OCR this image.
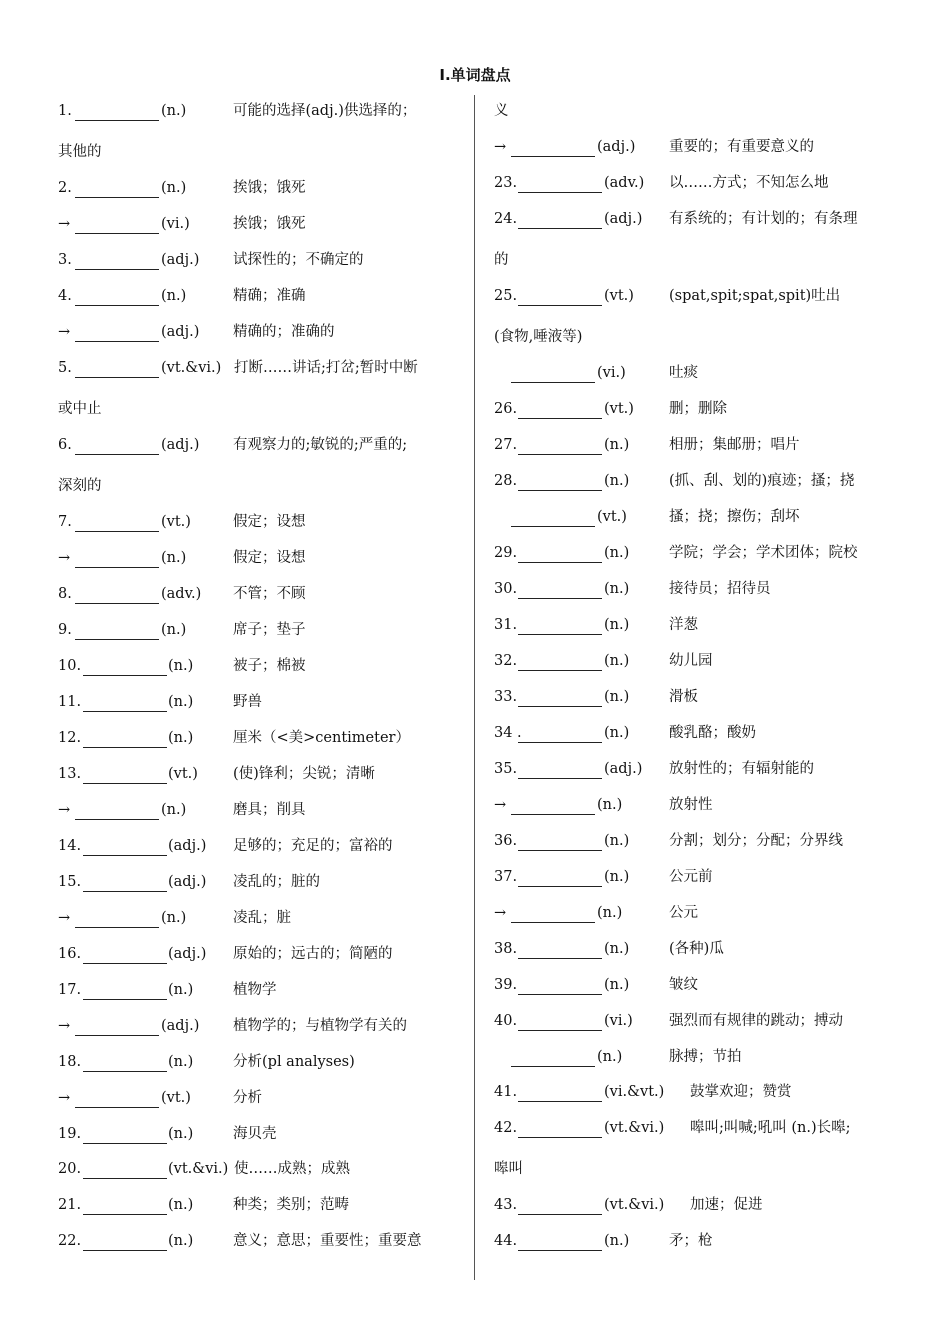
I.单词盘点
1.	(n.)	可能的选择(adj.)供选择的；
其他的
2.	(n.)	挨饿；饿死
→	(vi.)	挨饿；饿死
3.	(adj.) 试探性的；不确定的
4.	(n.)	精确；准确
→	(adj.) 精确的；准确的
5.	(vt.&vi.) 打断……讲话;打岔;暂时中断
或中止
6.	(adj.) 有观察力的;敏锐的;严重的;
深刻的
7.	(vt.)	假定；设想
→	(n.)	假定；设想
8.	(adv.) 不管；不顾
9.	(n.)	席子；垫子
10.	(n.)	被子；棉被
11.	(n.)	野兽
12.	(n.)	厘米（<美>centimeter）
13.	(vt.) (使)锋利；尖锐；清晰
→	(n.)	磨具；削具
14.	(adj.) 足够的；充足的；富裕的
15.	(adj.) 凌乱的；脏的
→	(n.)	凌乱；脏
16.	(adj.) 原始的；远古的；简陋的
17.	(n.)	植物学
→	(adj.) 植物学的；与植物学有关的
18.	(n.)	分析(pl analyses)
→	(vt.)	分析
19.	(n.)	海贝壳
20.	(vt.&vi.) 使……成熟；成熟
21.	(n.)	种类；类别；范畴
22.	(n.)	意义；意思；重要性；重要意
义
→	(adj.) 重要的；有重要意义的
23.	(adv.) 以……方式；不知怎么地
24.	(adj.) 有系统的；有计划的；有条理
的
25.	(vt.) (spat,spit;spat,spit)吐出
(食物,唾液等)
(vi.)	吐痰
26.	(vt.) 删；删除
27.	(n.)	相册；集邮册；唱片
28.	(n.)	(抓、刮、划的)痕迹；搔；挠
(vt.)	搔；挠；擦伤；刮坏
29.	(n.)	学院；学会；学术团体；院校
30.	(n.)	接待员；招待员
31.	(n.)	洋葱
32.	(n.)	幼儿园
33.	(n.)	滑板
34 .	(n.)	酸乳酪；酸奶
35.	(adj.) 放射性的；有辐射能的
→	(n.)	放射性
36.	(n.)	分割；划分；分配；分界线
37.	(n.)	公元前
→	(n.)	公元
38.	(n.)	(各种)瓜
39.	(n.)	皱纹
40.	(vi.) 强烈而有规律的跳动；搏动
(n.)	脉搏；节拍
41.	(vi.&vt.) 鼓掌欢迎；赞赏
42.	(vt.&vi.) 嗥叫;叫喊;吼叫 (n.)长嗥;
嗥叫
43.	(vt.&vi.) 加速；促进
44.	(n.)	矛；枪
